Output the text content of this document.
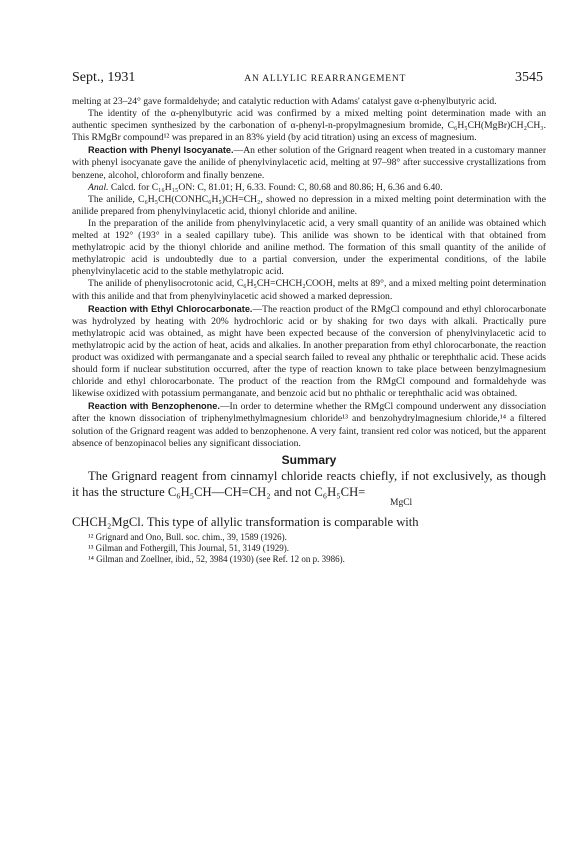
Sept., 1931	AN ALLYLIC REARRANGEMENT	3545

melting at 23–24° gave formaldehyde; and catalytic reduction with Adams' catalyst gave α-phenylbutyric acid.

The identity of the α-phenylbutyric acid was confirmed by a mixed melting point determination made with an authentic specimen synthesized by the carbonation of α-phenyl-n-propylmagnesium bromide, C₆H₅CH(MgBr)CH₂CH₃. This RMgBr compound¹² was prepared in an 83% yield (by acid titration) using an excess of magnesium.

Reaction with Phenyl Isocyanate.—An ether solution of the Grignard reagent when treated in a customary manner with phenyl isocyanate gave the anilide of phenylvinylacetic acid, melting at 97–98° after successive crystallizations from benzene, alcohol, chloroform and finally benzene.

Anal. Calcd. for C₁₆H₁₅ON: C, 81.01; H, 6.33. Found: C, 80.68 and 80.86; H, 6.36 and 6.40.

The anilide, C₆H₅CH(CONHC₆H₅)CH=CH₂, showed no depression in a mixed melting point determination with the anilide prepared from phenylvinylacetic acid, thionyl chloride and aniline.

In the preparation of the anilide from phenylvinylacetic acid, a very small quantity of an anilide was obtained which melted at 192° (193° in a sealed capillary tube). This anilide was shown to be identical with that obtained from methylatropic acid by the thionyl chloride and aniline method. The formation of this small quantity of the anilide of methylatropic acid is undoubtedly due to a partial conversion, under the experimental conditions, of the labile phenylvinylacetic acid to the stable methylatropic acid.

The anilide of phenylisocrotonic acid, C₆H₅CH=CHCH₂COOH, melts at 89°, and a mixed melting point determination with this anilide and that from phenylvinylacetic acid showed a marked depression.

Reaction with Ethyl Chlorocarbonate.—The reaction product of the RMgCl compound and ethyl chlorocarbonate was hydrolyzed by heating with 20% hydrochloric acid or by shaking for two days with alkali. Practically pure methylatropic acid was obtained, as might have been expected because of the conversion of phenylvinylacetic acid to methylatropic acid by the action of heat, acids and alkalies. In another preparation from ethyl chlorocarbonate, the reaction product was oxidized with permanganate and a special search failed to reveal any phthalic or terephthalic acid. These acids should form if nuclear substitution occurred, after the type of reaction known to take place between benzylmagnesium chloride and ethyl chlorocarbonate. The product of the reaction from the RMgCl compound and formaldehyde was likewise oxidized with potassium permanganate, and benzoic acid but no phthalic or terephthalic acid was obtained.

Reaction with Benzophenone.—In order to determine whether the RMgCl compound underwent any dissociation after the known dissociation of triphenylmethylmagnesium chloride¹³ and benzohydrylmagnesium chloride,¹⁴ a filtered solution of the Grignard reagent was added to benzophenone. A very faint, transient red color was noticed, but the apparent absence of benzopinacol belies any significant dissociation.

Summary

The Grignard reagent from cinnamyl chloride reacts chiefly, if not exclusively, as though it has the structure C₆H₅CH—CH=CH₂ and not C₆H₅CH=

MgCl

CHCH₂MgCl. This type of allylic transformation is comparable with

¹² Grignard and Ono, Bull. soc. chim., 39, 1589 (1926).
¹³ Gilman and Fothergill, This Journal, 51, 3149 (1929).
¹⁴ Gilman and Zoellner, ibid., 52, 3984 (1930) (see Ref. 12 on p. 3986).
